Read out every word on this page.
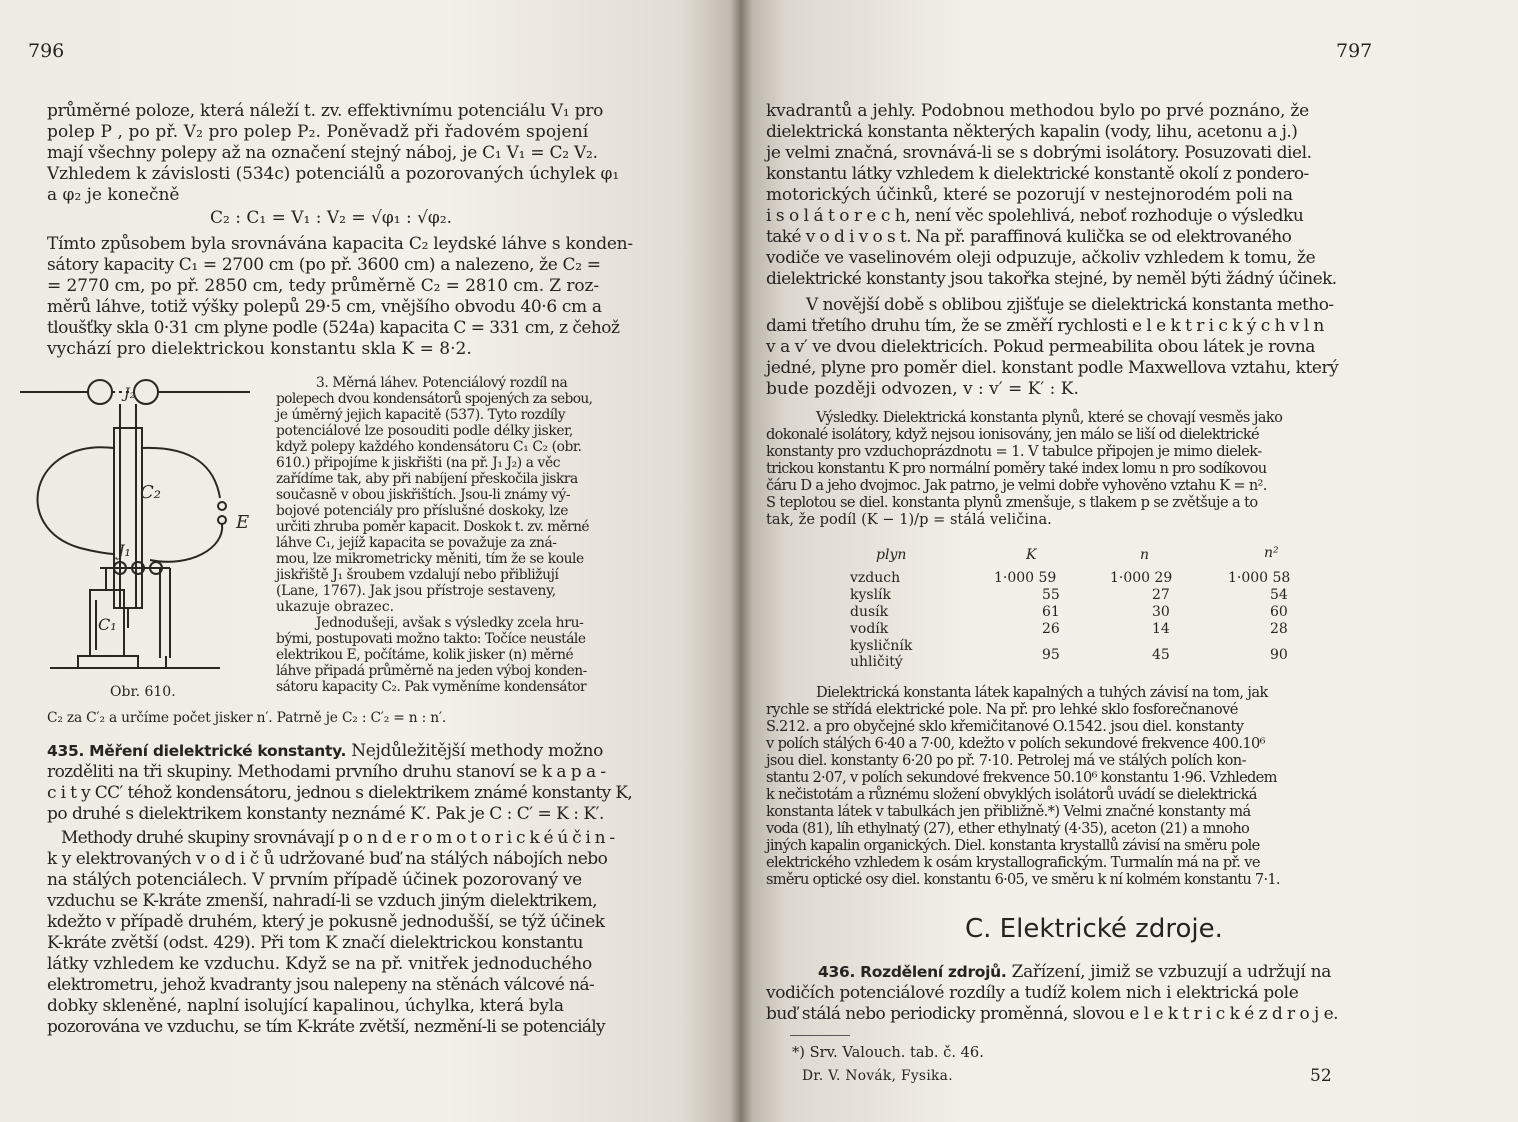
796
průměrné poloze, která náleží t. zv. effektivnímu potenciálu V₁ pro
polep P , po př. V₂ pro polep P₂. Poněvadž při řadovém spojení
mají všechny polepy až na označení stejný náboj, je C₁ V₁ = C₂ V₂.
Vzhledem k závislosti (534c) potenciálů a pozorovaných úchylek φ₁
a φ₂ je konečně
C₂ : C₁ = V₁ : V₂ = √φ₁ : √φ₂.
Tímto způsobem byla srovnávána kapacita C₂ leydské láhve s konden-
sátory kapacity C₁ = 2700 cm (po př. 3600 cm) a nalezeno, že C₂ =
= 2770 cm, po př. 2850 cm, tedy průměrně C₂ = 2810 cm. Z roz-
měrů láhve, totiž výšky polepů 29·5 cm, vnějšího obvodu 40·6 cm a
tloušťky skla 0·31 cm plyne podle (524a) kapacita C = 331 cm, z čehož
vychází pro dielektrickou konstantu skla K = 8·2.
J₂
C₂
E
J₁
C₁
3. Měrná láhev. Potenciálový rozdíl na
polepech dvou kondensátorů spojených za sebou,
je úměrný jejich kapacitě (537). Tyto rozdíly
potenciálové lze posouditi podle délky jisker,
když polepy každého kondensátoru C₁ C₂ (obr.
610.) připojíme k jiskřišti (na př. J₁ J₂) a věc
zařídíme tak, aby při nabíjení přeskočila jiskra
současně v obou jiskřištích. Jsou-li známy vý-
bojové potenciály pro příslušné doskoky, lze
určiti zhruba poměr kapacit. Doskok t. zv. měrné
láhve C₁, jejíž kapacita se považuje za zná-
mou, lze mikrometricky měniti, tím že se koule
jiskřiště J₁ šroubem vzdalují nebo přibližují
(Lane, 1767). Jak jsou přístroje sestaveny,
ukazuje obrazec.
Jednodušeji, avšak s výsledky zcela hru-
bými, postupovati možno takto: Točíce neustále
elektrikou E, počítáme, kolik jisker (n) měrné
láhve připadá průměrně na jeden výboj konden-
sátoru kapacity C₂. Pak vyměníme kondensátor
Obr. 610.
C₂ za C′₂ a určíme počet jisker n′. Patrně je C₂ : C′₂ = n : n′.
435. Měření dielektrické konstanty. Nejdůležitější methody možno
rozděliti na tři skupiny. Methodami prvního druhu stanoví se k a p a -
c i t y CC′ téhož kondensátoru, jednou s dielektrikem známé konstanty K,
po druhé s dielektrikem konstanty neznámé K′. Pak je C : C′ = K : K′.
Methody druhé skupiny srovnávají p o n d e r o m o t o r i c k é ú č i n -
k y elektrovaných v o d i č ů udržované buď na stálých nábojích nebo
na stálých potenciálech. V prvním případě účinek pozorovaný ve
vzduchu se K-kráte zmenší, nahradí-li se vzduch jiným dielektrikem,
kdežto v případě druhém, který je pokusně jednodušší, se týž účinek
K-kráte zvětší (odst. 429). Při tom K značí dielektrickou konstantu
látky vzhledem ke vzduchu. Když se na př. vnitřek jednoduchého
elektrometru, jehož kvadranty jsou nalepeny na stěnách válcové ná-
dobky skleněné, naplní isolující kapalinou, úchylka, která byla
pozorována ve vzduchu, se tím K-kráte zvětší, nezmění-li se potenciály
797
kvadrantů a jehly. Podobnou methodou bylo po prvé poznáno, že
dielektrická konstanta některých kapalin (vody, lihu, acetonu a j.)
je velmi značná, srovnává-li se s dobrými isolátory. Posuzovati diel.
konstantu látky vzhledem k dielektrické konstantě okolí z pondero-
motorických účinků, které se pozorují v nestejnorodém poli na
i s o l á t o r e c h, není věc spolehlivá, neboť rozhoduje o výsledku
také v o d i v o s t. Na př. paraffinová kulička se od elektrovaného
vodiče ve vaselinovém oleji odpuzuje, ačkoliv vzhledem k tomu, že
dielektrické konstanty jsou takořka stejné, by neměl býti žádný účinek.
V novější době s oblibou zjišťuje se dielektrická konstanta metho-
dami třetího druhu tím, že se změří rychlosti e l e k t r i c k ý c h v l n
v a v′ ve dvou dielektricích. Pokud permeabilita obou látek je rovna
jedné, plyne pro poměr diel. konstant podle Maxwellova vztahu, který
bude později odvozen, v : v′ = K′ : K.
Výsledky. Dielektrická konstanta plynů, které se chovají vesměs jako
dokonalé isolátory, když nejsou ionisovány, jen málo se liší od dielektrické
konstanty pro vzduchoprázdnotu = 1. V tabulce připojen je mimo dielek-
trickou konstantu K pro normální poměry také index lomu n pro sodíkovou
čáru D a jeho dvojmoc. Jak patrno, je velmi dobře vyhověno vztahu K = n².
S teplotou se diel. konstanta plynů zmenšuje, s tlakem p se zvětšuje a to
tak, že podíl (K − 1)/p = stálá veličina.
plyn	K	n	n²
vzduch	1·000 59	1·000 29	1·000 58
kyslík	55	27	54
dusík	61	30	60
vodík	26	14	28
kysličník uhličitý	95	45	90
Dielektrická konstanta látek kapalných a tuhých závisí na tom, jak
rychle se střídá elektrické pole. Na př. pro lehké sklo fosforečnanové
S.212. a pro obyčejné sklo křemičitanové O.1542. jsou diel. konstanty
v polích stálých 6·40 a 7·00, kdežto v polích sekundové frekvence 400.10⁶
jsou diel. konstanty 6·20 po př. 7·10. Petrolej má ve stálých polích kon-
stantu 2·07, v polích sekundové frekvence 50.10⁶ konstantu 1·96. Vzhledem
k nečistotám a různému složení obvyklých isolátorů uvádí se dielektrická
konstanta látek v tabulkách jen přibližně.*) Velmi značné konstanty má
voda (81), líh ethylnatý (27), ether ethylnatý (4·35), aceton (21) a mnoho
jiných kapalin organických. Diel. konstanta krystallů závisí na směru pole
elektrického vzhledem k osám krystallografickým. Turmalín má na př. ve
směru optické osy diel. konstantu 6·05, ve směru k ní kolmém konstantu 7·1.
C. Elektrické zdroje.
436. Rozdělení zdrojů. Zařízení, jimiž se vzbuzují a udržují na
vodičích potenciálové rozdíly a tudíž kolem nich i elektrická pole
buď stálá nebo periodicky proměnná, slovou e l e k t r i c k é z d r o j e.
*) Srv. Valouch. tab. č. 46.
Dr. V. Novák, Fysika.	52
